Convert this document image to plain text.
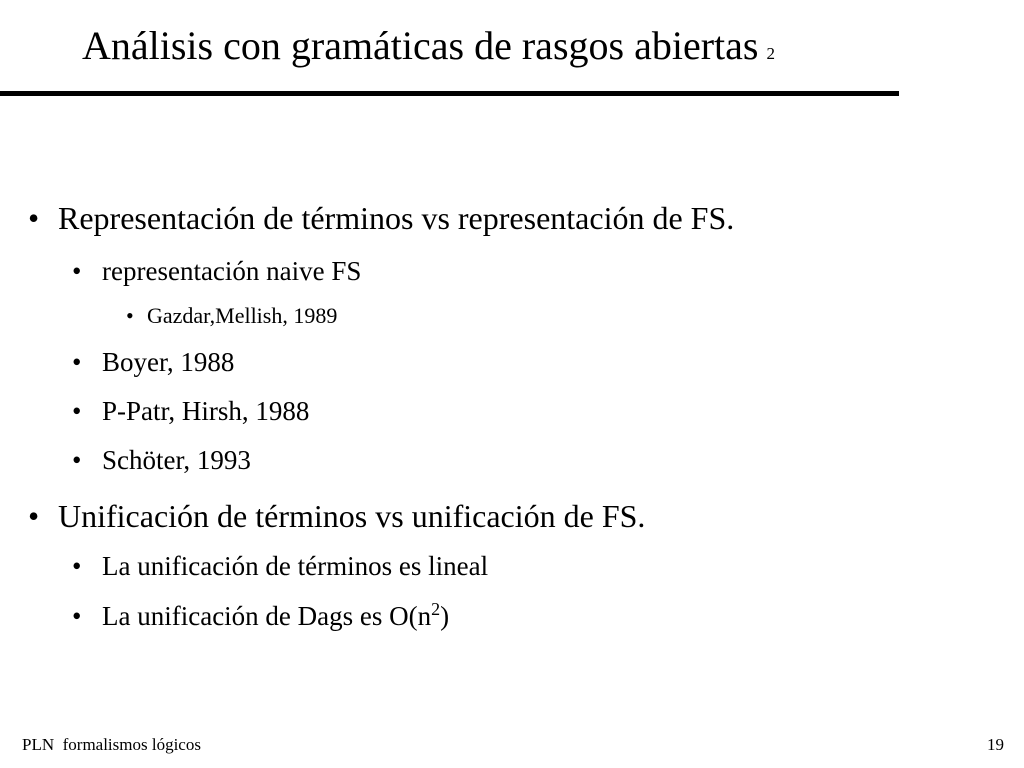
Análisis con gramáticas de rasgos abiertas 2
• Representación de términos vs representación de FS.
• representación naive FS
• Gazdar,Mellish, 1989
• Boyer, 1988
• P-Patr, Hirsh, 1988
• Schöter, 1993
• Unificación de términos vs unificación de FS.
• La unificación de términos es lineal
• La unificación de Dags es $O(n^2)$
PLN  formalismos lógicos	19
